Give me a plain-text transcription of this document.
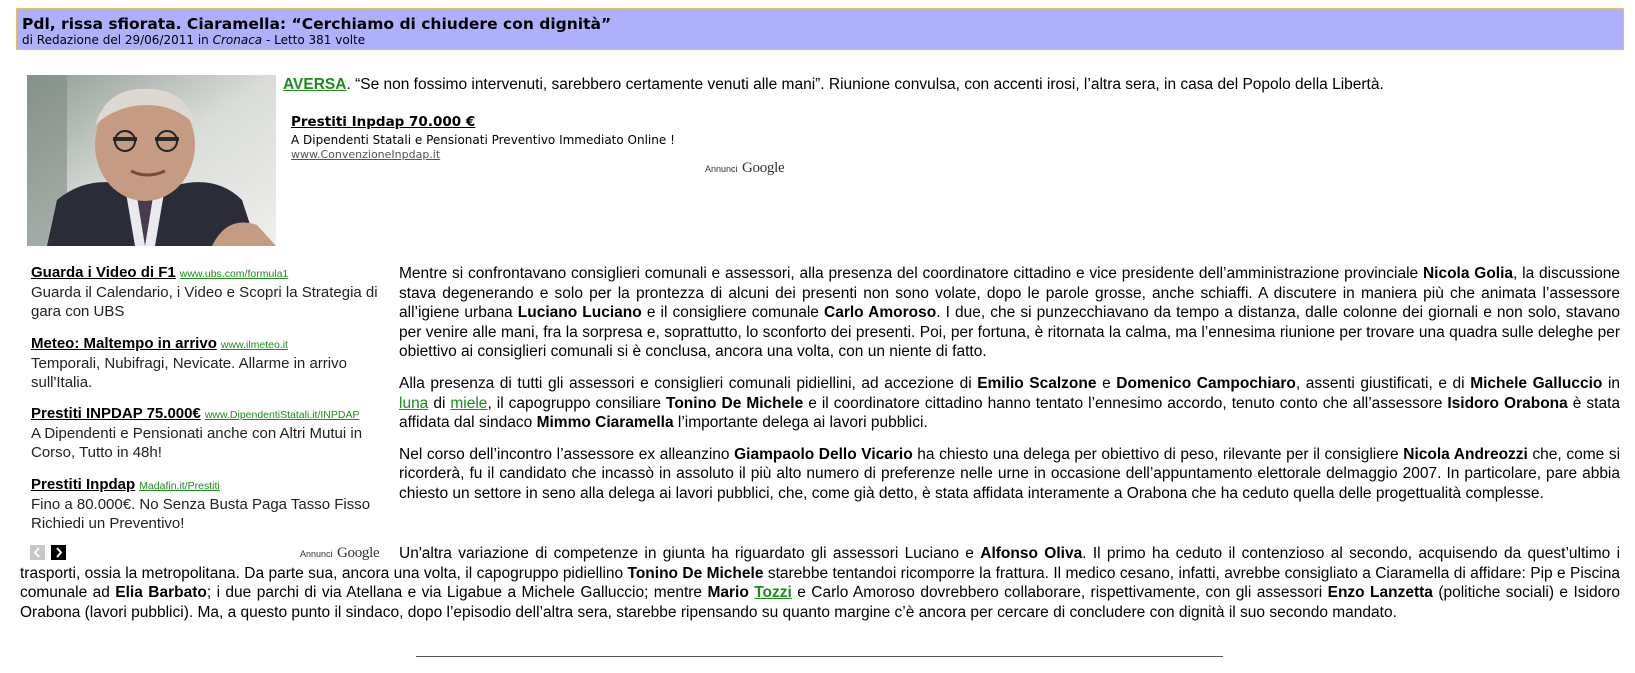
Pdl, rissa sfiorata. Ciaramella: “Cerchiamo di chiudere con dignità”
di Redazione del 29/06/2011 in Cronaca - Letto 381 volte
AVERSA. “Se non fossimo intervenuti, sarebbero certamente venuti alle mani”. Riunione convulsa, con accenti irosi, l’altra sera, in casa del Popolo della Libertà.
Prestiti Inpdap 70.000 €
A Dipendenti Statali e Pensionati Preventivo Immediato Online !
www.ConvenzioneInpdap.it
Annunci Google
Guarda i Video di F1 www.ubs.com/formula1
Guarda il Calendario, i Video e Scopri la Strategia di gara con UBS
Meteo: Maltempo in arrivo www.ilmeteo.it
Temporali, Nubifragi, Nevicate. Allarme in arrivo sull'Italia.
Prestiti INPDAP 75.000€ www.DipendentiStatali.it/INPDAP
A Dipendenti e Pensionati anche con Altri Mutui in Corso, Tutto in 48h!
Prestiti Inpdap Madafin.it/Prestiti
Fino a 80.000€. No Senza Busta Paga Tasso Fisso Richiedi un Preventivo!
Annunci Google

Mentre si confrontavano consiglieri comunali e assessori, alla presenza del coordinatore cittadino e vice presidente dell’amministrazione provinciale Nicola Golia, la discussione stava degenerando e solo per la prontezza di alcuni dei presenti non sono volate, dopo le parole grosse, anche schiaffi. A discutere in maniera più che animata l’assessore all’igiene urbana Luciano Luciano e il consigliere comunale Carlo Amoroso. I due, che si punzecchiavano da tempo a distanza, dalle colonne dei giornali e non solo, stavano per venire alle mani, fra la sorpresa e, soprattutto, lo sconforto dei presenti. Poi, per fortuna, è ritornata la calma, ma l’ennesima riunione per trovare una quadra sulle deleghe per obiettivo ai consiglieri comunali si è conclusa, ancora una volta, con un niente di fatto.

Alla presenza di tutti gli assessori e consiglieri comunali pidiellini, ad accezione di Emilio Scalzone e Domenico Campochiaro, assenti giustificati, e di Michele Galluccio in luna di miele, il capogruppo consiliare Tonino De Michele e il coordinatore cittadino hanno tentato l’ennesimo accordo, tenuto conto che all’assessore Isidoro Orabona è stata affidata dal sindaco Mimmo Ciaramella l’importante delega ai lavori pubblici.

Nel corso dell’incontro l’assessore ex alleanzino Giampaolo Dello Vicario ha chiesto una delega per obiettivo di peso, rilevante per il consigliere Nicola Andreozzi che, come si ricorderà, fu il candidato che incassò in assoluto il più alto numero di preferenze nelle urne in occasione dell’appuntamento elettorale delmaggio 2007. In particolare, pare abbia chiesto un settore in seno alla delega ai lavori pubblici, che, come già detto, è stata affidata interamente a Orabona che ha ceduto quella delle progettualità complesse.

Un'altra variazione di competenze in giunta ha riguardato gli assessori Luciano e Alfonso Oliva. Il primo ha ceduto il contenzioso al secondo, acquisendo da quest’ultimo i trasporti, ossia la metropolitana. Da parte sua, ancora una volta, il capogruppo pidiellino Tonino De Michele starebbe tentandoi ricomporre la frattura. Il medico cesano, infatti, avrebbe consigliato a Ciaramella di affidare: Pip e Piscina comunale ad Elia Barbato; i due parchi di via Atellana e via Ligabue a Michele Galluccio; mentre Mario Tozzi e Carlo Amoroso dovrebbero collaborare, rispettivamente, con gli assessori Enzo Lanzetta (politiche sociali) e Isidoro Orabona (lavori pubblici). Ma, a questo punto il sindaco, dopo l’episodio dell’altra sera, starebbe ripensando su quanto margine c’è ancora per cercare di concludere con dignità il suo secondo mandato.
